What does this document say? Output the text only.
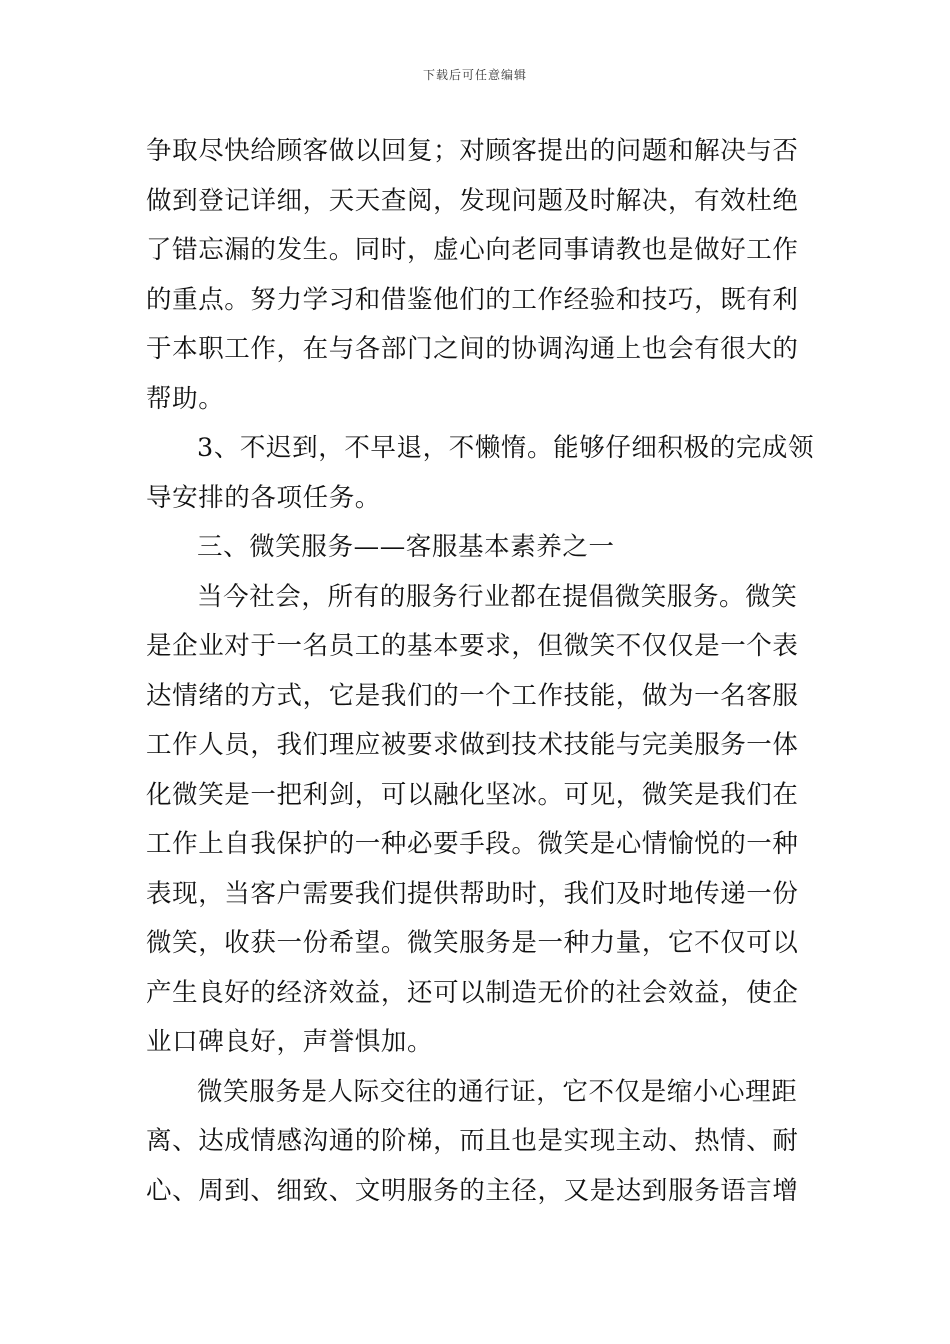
下载后可任意编辑
争取尽快给顾客做以回复；对顾客提出的问题和解决与否
做到登记详细，天天查阅，发现问题及时解决，有效杜绝
了错忘漏的发生。同时，虚心向老同事请教也是做好工作
的重点。努力学习和借鉴他们的工作经验和技巧，既有利
于本职工作，在与各部门之间的协调沟通上也会有很大的
帮助。
3、不迟到，不早退，不懒惰。能够仔细积极的完成领
导安排的各项任务。
三、微笑服务——客服基本素养之一
当今社会，所有的服务行业都在提倡微笑服务。微笑
是企业对于一名员工的基本要求，但微笑不仅仅是一个表
达情绪的方式，它是我们的一个工作技能，做为一名客服
工作人员，我们理应被要求做到技术技能与完美服务一体
化微笑是一把利剑，可以融化坚冰。可见，微笑是我们在
工作上自我保护的一种必要手段。微笑是心情愉悦的一种
表现，当客户需要我们提供帮助时，我们及时地传递一份
微笑，收获一份希望。微笑服务是一种力量，它不仅可以
产生良好的经济效益，还可以制造无价的社会效益，使企
业口碑良好，声誉惧加。
微笑服务是人际交往的通行证，它不仅是缩小心理距
离、达成情感沟通的阶梯，而且也是实现主动、热情、耐
心、周到、细致、文明服务的主径，又是达到服务语言增
